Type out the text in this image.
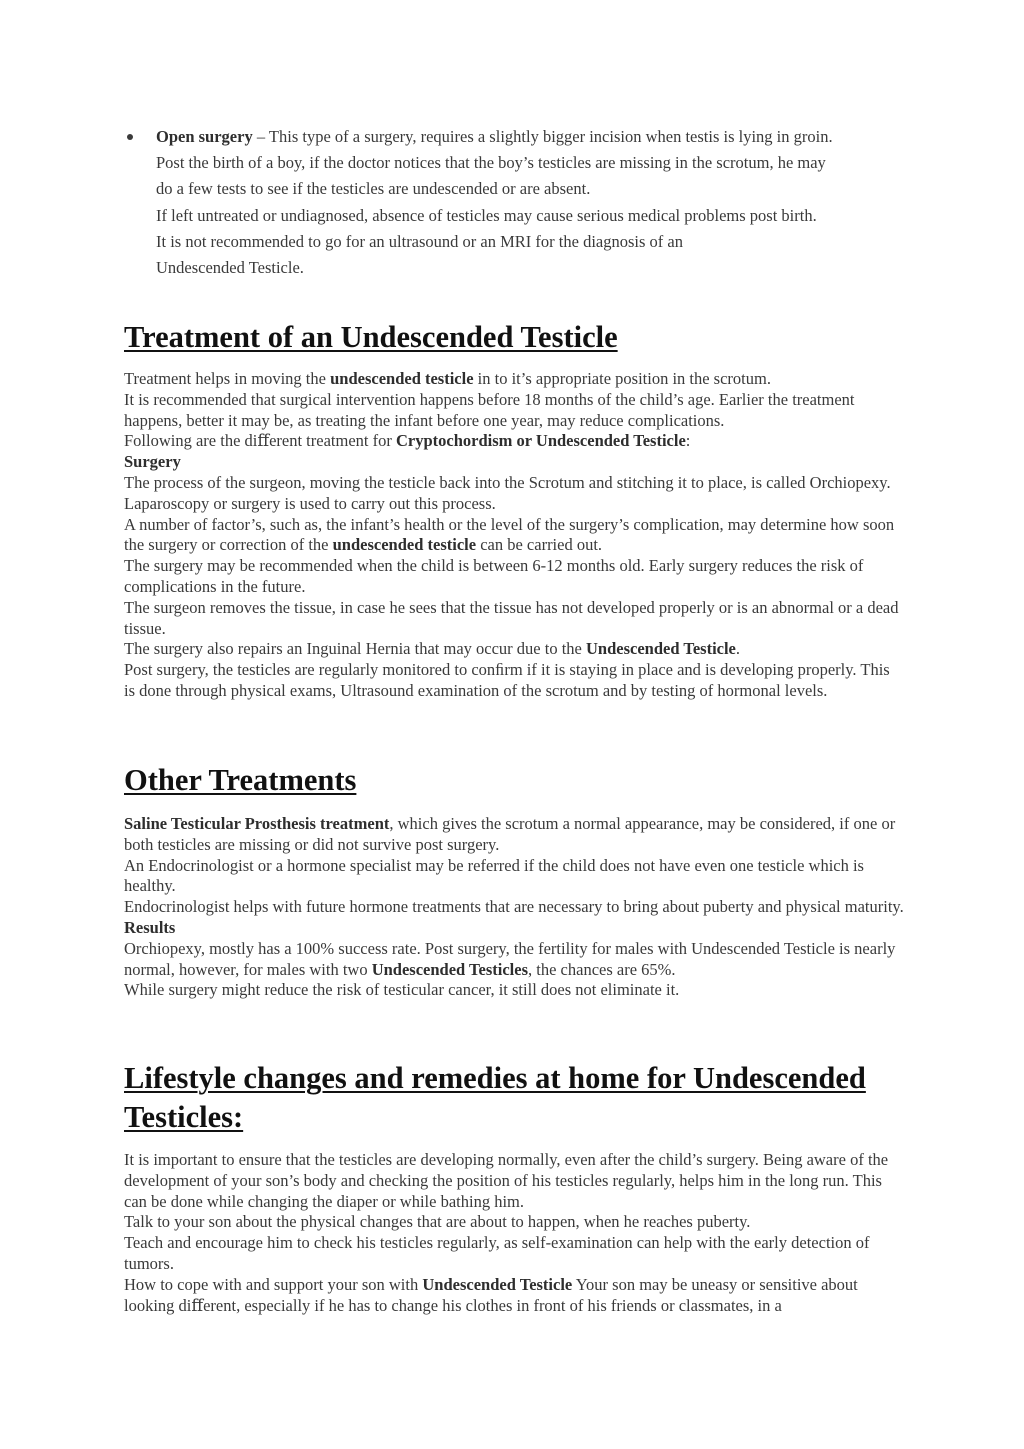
Open surgery – This type of a surgery, requires a slightly bigger incision when testis is lying in groin.

Post the birth of a boy, if the doctor notices that the boy’s testicles are missing in the scrotum, he may

do a few tests to see if the testicles are undescended or are absent.

If left untreated or undiagnosed, absence of testicles may cause serious medical problems post birth.

It is not recommended to go for an ultrasound or an MRI for the diagnosis of an

Undescended Testicle.

Treatment of an Undescended Testicle

Treatment helps in moving the undescended testicle in to it’s appropriate position in the scrotum.

It is recommended that surgical intervention happens before 18 months of the child’s age. Earlier the treatment happens, better it may be, as treating the infant before one year, may reduce complications.

Following are the diﬀerent treatment for Cryptochordism or Undescended Testicle:

Surgery

The process of the surgeon, moving the testicle back into the Scrotum and stitching it to place, is called Orchiopexy. Laparoscopy or surgery is used to carry out this process.

A number of factor’s, such as, the infant’s health or the level of the surgery’s complication, may determine how soon the surgery or correction of the undescended testicle can be carried out.

The surgery may be recommended when the child is between 6-12 months old. Early surgery reduces the risk of complications in the future.

The surgeon removes the tissue, in case he sees that the tissue has not developed properly or is an abnormal or a dead tissue.

The surgery also repairs an Inguinal Hernia that may occur due to the Undescended Testicle.

Post surgery, the testicles are regularly monitored to conﬁrm if it is staying in place and is developing properly. This is done through physical exams, Ultrasound examination of the scrotum and by testing of hormonal levels.

Other Treatments

Saline Testicular Prosthesis treatment, which gives the scrotum a normal appearance, may be considered, if one or both testicles are missing or did not survive post surgery.

An Endocrinologist or a hormone specialist may be referred if the child does not have even one testicle which is healthy.

Endocrinologist helps with future hormone treatments that are necessary to bring about puberty and physical maturity.

Results

Orchiopexy, mostly has a 100% success rate. Post surgery, the fertility for males with Undescended Testicle is nearly normal, however, for males with two Undescended Testicles, the chances are 65%.

While surgery might reduce the risk of testicular cancer, it still does not eliminate it.

Lifestyle changes and remedies at home for Undescended Testicles:

It is important to ensure that the testicles are developing normally, even after the child’s surgery. Being aware of the development of your son’s body and checking the position of his testicles regularly, helps him in the long run. This can be done while changing the diaper or while bathing him.

Talk to your son about the physical changes that are about to happen, when he reaches puberty.

Teach and encourage him to check his testicles regularly, as self-examination can help with the early detection of tumors.

How to cope with and support your son with Undescended Testicle Your son may be uneasy or sensitive about looking diﬀerent, especially if he has to change his clothes in front of his friends or classmates, in a
